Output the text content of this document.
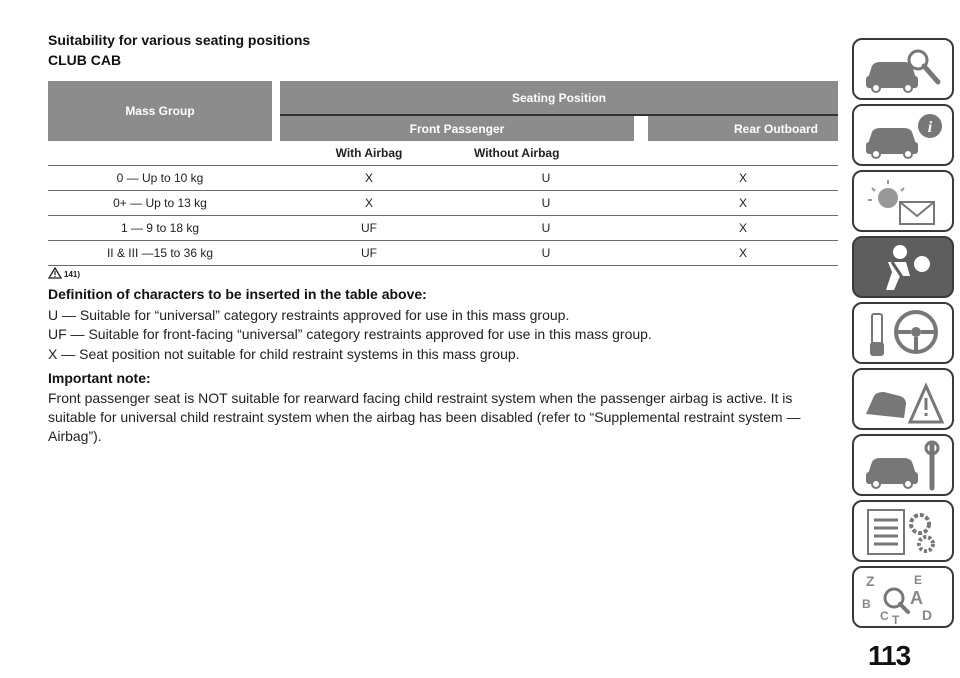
Suitability for various seating positions
CLUB CAB
Mass Group
Seating Position
Front Passenger	Rear Outboard
With Airbag	Without Airbag
0 — Up to 10 kg	X	U	X
0+ — Up to 13 kg	X	U	X
1 — 9 to 18 kg	UF	U	X
II & III —15 to 36 kg	UF	U	X
141)
Definition of characters to be inserted in the table above:
U — Suitable for “universal” category restraints approved for use in this mass group.
UF — Suitable for front-facing “universal” category restraints approved for use in this mass group.
X — Seat position not suitable for child restraint systems in this mass group.
Important note:
Front passenger seat is NOT suitable for rearward facing child restraint system when the passenger airbag is active. It is suitable for universal child restraint system when the airbag has been disabled (refer to “Supplemental restraint system — Airbag”).
i
Z	E
A
B
C T D
113
